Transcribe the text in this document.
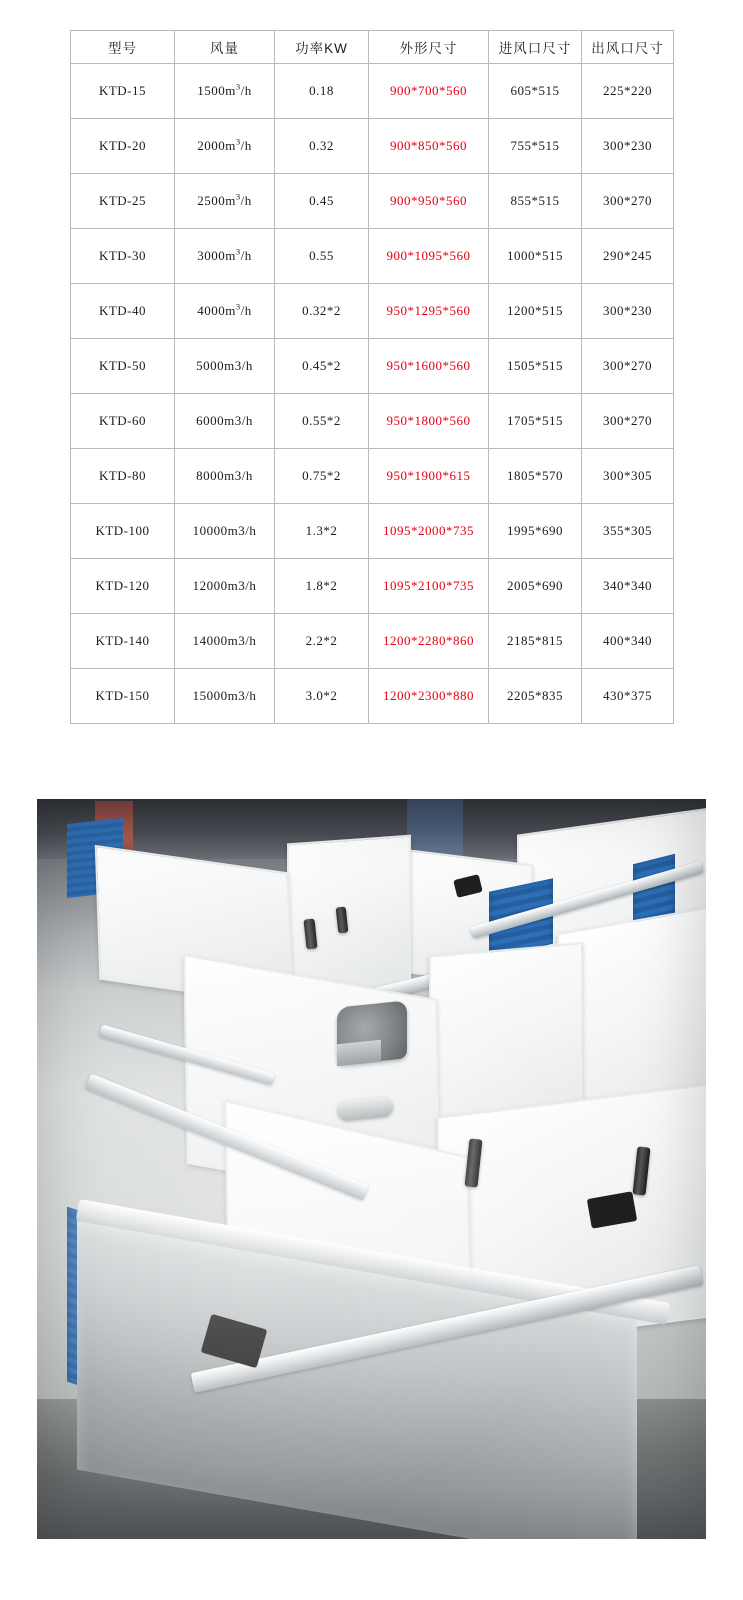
型号	风量	功率KW	外形尺寸	进风口尺寸	出风口尺寸
KTD-15	$1500m^3/h$	0.18	900*700*560	605*515	225*220
KTD-20	$2000m^3/h$	0.32	900*850*560	755*515	300*230
KTD-25	$2500m^3/h$	0.45	900*950*560	855*515	300*270
KTD-30	$3000m^3/h$	0.55	900*1095*560	1000*515	290*245
KTD-40	$4000m^3/h$	0.32*2	950*1295*560	1200*515	300*230
KTD-50	5000m3/h	0.45*2	950*1600*560	1505*515	300*270
KTD-60	6000m3/h	0.55*2	950*1800*560	1705*515	300*270
KTD-80	8000m3/h	0.75*2	950*1900*615	1805*570	300*305
KTD-100	10000m3/h	1.3*2	1095*2000*735	1995*690	355*305
KTD-120	12000m3/h	1.8*2	1095*2100*735	2005*690	340*340
KTD-140	14000m3/h	2.2*2	1200*2280*860	2185*815	400*340
KTD-150	15000m3/h	3.0*2	1200*2300*880	2205*835	430*375
